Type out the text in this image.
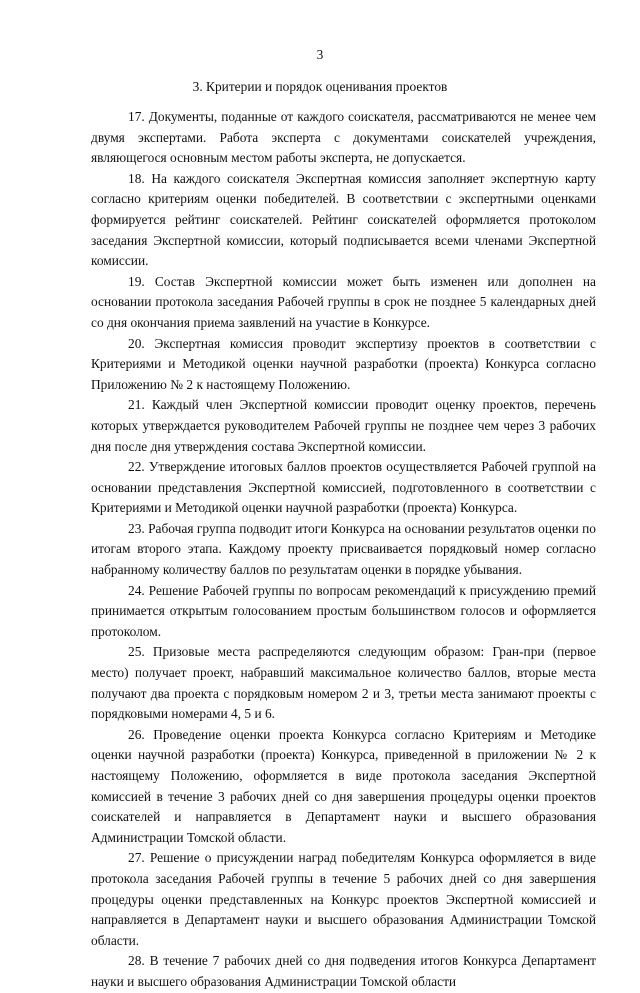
3
3. Критерии и порядок оценивания проектов

17. Документы, поданные от каждого соискателя, рассматриваются не менее чем двумя экспертами. Работа эксперта с документами соискателей учреждения, являющегося основным местом работы эксперта, не допускается.

18. На каждого соискателя Экспертная комиссия заполняет экспертную карту согласно критериям оценки победителей. В соответствии с экспертными оценками формируется рейтинг соискателей. Рейтинг соискателей оформляется протоколом заседания Экспертной комиссии, который подписывается всеми членами Экспертной комиссии.

19. Состав Экспертной комиссии может быть изменен или дополнен на основании протокола заседания Рабочей группы в срок не позднее 5 календарных дней со дня окончания приема заявлений на участие в Конкурсе.

20. Экспертная комиссия проводит экспертизу проектов в соответствии с Критериями и Методикой оценки научной разработки (проекта) Конкурса согласно Приложению № 2 к настоящему Положению.

21. Каждый член Экспертной комиссии проводит оценку проектов, перечень которых утверждается руководителем Рабочей группы не позднее чем через 3 рабочих дня после дня утверждения состава Экспертной комиссии.

22. Утверждение итоговых баллов проектов осуществляется Рабочей группой на основании представления Экспертной комиссией, подготовленного в соответствии с Критериями и Методикой оценки научной разработки (проекта) Конкурса.

23. Рабочая группа подводит итоги Конкурса на основании результатов оценки по итогам второго этапа. Каждому проекту присваивается порядковый номер согласно набранному количеству баллов по результатам оценки в порядке убывания.

24. Решение Рабочей группы по вопросам рекомендаций к присуждению премий принимается открытым голосованием простым большинством голосов и оформляется протоколом.

25. Призовые места распределяются следующим образом: Гран-при (первое место) получает проект, набравший максимальное количество баллов, вторые места получают два проекта с порядковым номером 2 и 3, третьи места занимают проекты с порядковыми номерами 4, 5 и 6.

26. Проведение оценки проекта Конкурса согласно Критериям и Методике оценки научной разработки (проекта) Конкурса, приведенной в приложении № 2 к настоящему Положению, оформляется в виде протокола заседания Экспертной комиссией в течение 3 рабочих дней со дня завершения процедуры оценки проектов соискателей и направляется в Департамент науки и высшего образования Администрации Томской области.

27. Решение о присуждении наград победителям Конкурса оформляется в виде протокола заседания Рабочей группы в течение 5 рабочих дней со дня завершения процедуры оценки представленных на Конкурс проектов Экспертной комиссией и направляется в Департамент науки и высшего образования Администрации Томской области.

28. В течение 7 рабочих дней со дня подведения итогов Конкурса Департамент науки и высшего образования Администрации Томской области
